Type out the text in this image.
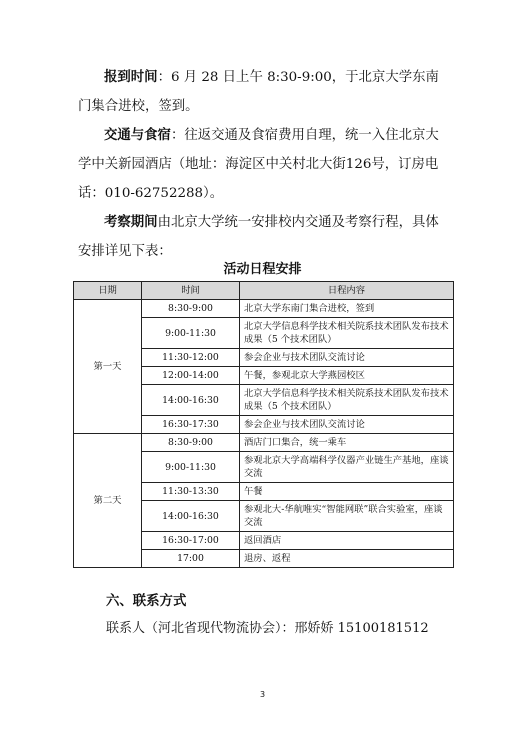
报到时间：6 月 28 日上午 8:30-9:00，于北京大学东南门集合进校，签到。

交通与食宿：往返交通及食宿费用自理，统一入住北京大学中关新园酒店（地址：海淀区中关村北大街126号，订房电话：010-62752288）。

考察期间由北京大学统一安排校内交通及考察行程，具体安排详见下表：

活动日程安排
日期	时间	日程内容
第一天	8:30-9:00	北京大学东南门集合进校，签到
	9:00-11:30	北京大学信息科学技术相关院系技术团队发布技术成果（5 个技术团队）
	11:30-12:00	参会企业与技术团队交流讨论
	12:00-14:00	午餐，参观北京大学燕园校区
	14:00-16:30	北京大学信息科学技术相关院系技术团队发布技术成果（5 个技术团队）
	16:30-17:30	参会企业与技术团队交流讨论
第二天	8:30-9:00	酒店门口集合，统一乘车
	9:00-11:30	参观北京大学高端科学仪器产业链生产基地，座谈交流
	11:30-13:30	午餐
	14:00-16:30	参观北大-华航唯实“智能网联”联合实验室，座谈交流
	16:30-17:00	返回酒店
	17:00	退房、返程
六、联系方式
联系人（河北省现代物流协会）：邢娇娇 15100181512
3
